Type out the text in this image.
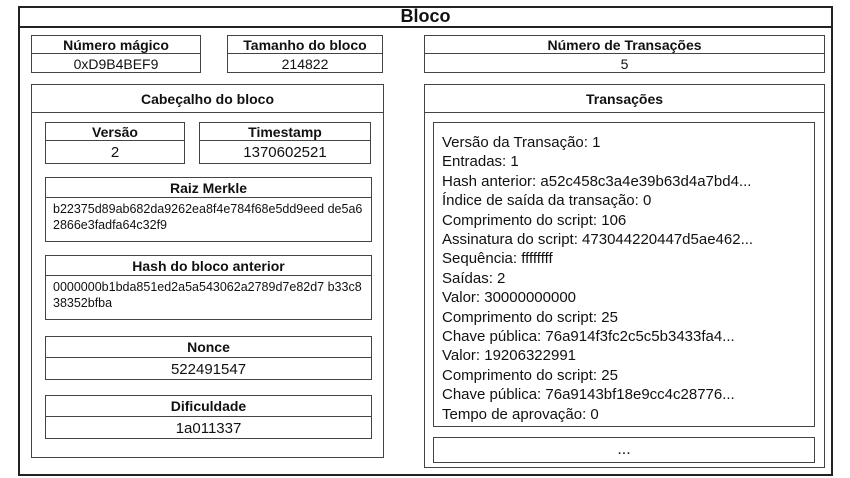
Bloco
Número mágico
0xD9B4BEF9
Tamanho do bloco
214822
Número de Transações
5
Cabeçalho do bloco
Versão
2
Timestamp
1370602521
Raiz Merkle
b22375d89ab682da9262ea8f4e784f68e5dd9eed de5a62866e3fadfa64c32f9
Hash do bloco anterior
0000000b1bda851ed2a5a543062a2789d7e82d7 b33c838352bfba
Nonce
522491547
Dificuldade
1a011337
Transações
Versão da Transação: 1
Entradas: 1
Hash anterior: a52c458c3a4e39b63d4a7bd4...
Índice de saída da transação: 0
Comprimento do script: 106
Assinatura do script: 473044220447d5ae462...
Sequência: ffffffff
Saídas: 2
Valor: 30000000000
Comprimento do script: 25
Chave pública: 76a914f3fc2c5c5b3433fa4...
Valor: 19206322991
Comprimento do script: 25
Chave pública: 76a9143bf18e9cc4c28776...
Tempo de aprovação: 0
...
